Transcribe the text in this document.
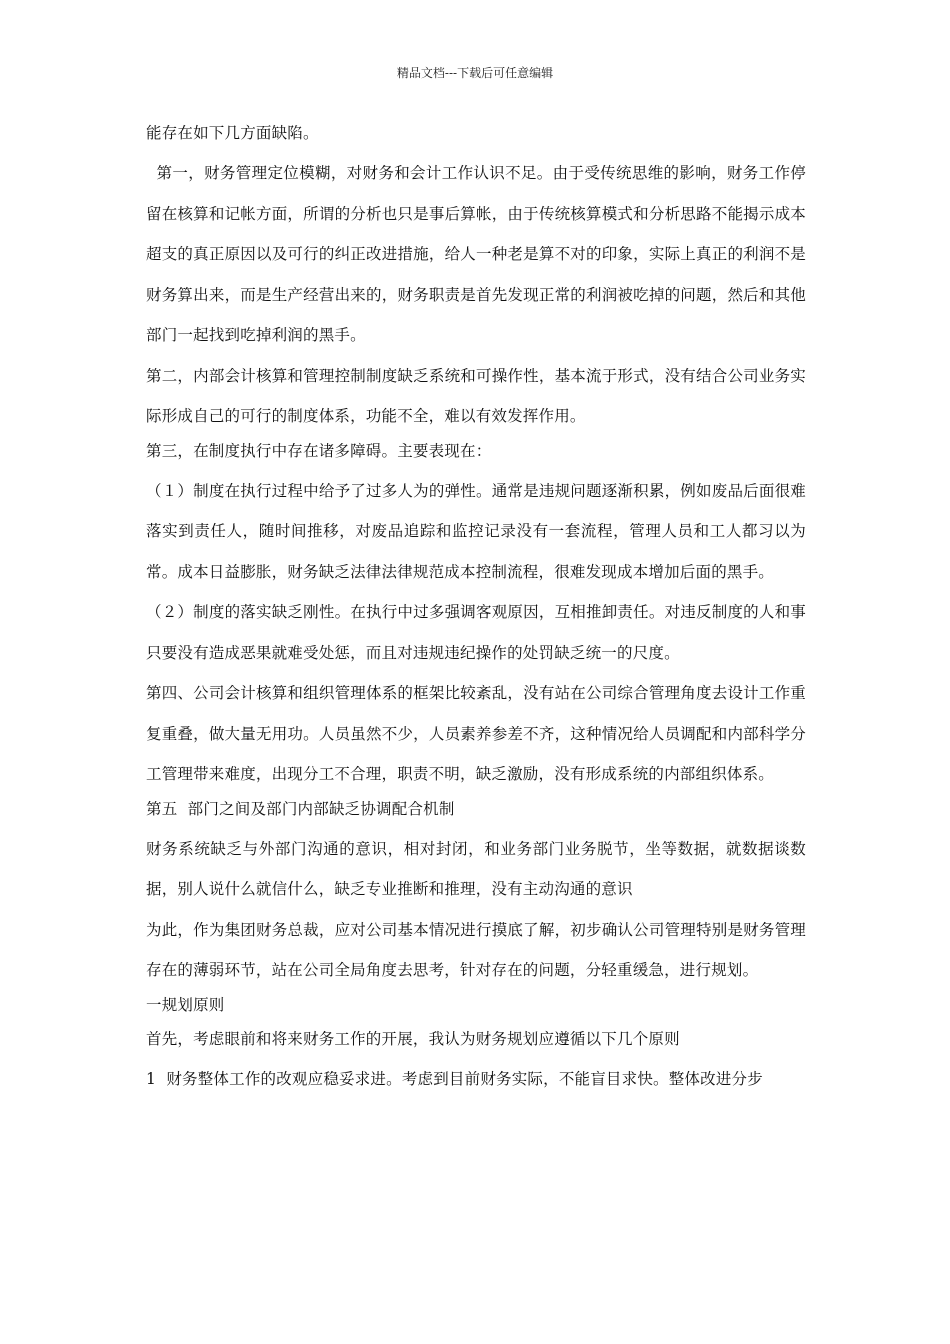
精品文档---下载后可任意编辑

能存在如下几方面缺陷。

第一，财务管理定位模糊，对财务和会计工作认识不足。由于受传统思维的影响，财务工作停留在核算和记帐方面，所谓的分析也只是事后算帐，由于传统核算模式和分析思路不能揭示成本超支的真正原因以及可行的纠正改进措施，给人一种老是算不对的印象，实际上真正的利润不是财务算出来，而是生产经营出来的，财务职责是首先发现正常的利润被吃掉的问题，然后和其他部门一起找到吃掉利润的黑手。

第二，内部会计核算和管理控制制度缺乏系统和可操作性，基本流于形式，没有结合公司业务实际形成自己的可行的制度体系，功能不全，难以有效发挥作用。

第三，在制度执行中存在诸多障碍。主要表现在：

（１）制度在执行过程中给予了过多人为的弹性。通常是违规问题逐渐积累，例如废品后面很难落实到责任人，随时间推移，对废品追踪和监控记录没有一套流程，管理人员和工人都习以为常。成本日益膨胀，财务缺乏法律法律规范成本控制流程，很难发现成本增加后面的黑手。

（２）制度的落实缺乏刚性。在执行中过多强调客观原因，互相推卸责任。对违反制度的人和事只要没有造成恶果就难受处惩，而且对违规违纪操作的处罚缺乏统一的尺度。

第四、公司会计核算和组织管理体系的框架比较紊乱，没有站在公司综合管理角度去设计工作重复重叠，做大量无用功。人员虽然不少，人员素养参差不齐，这种情况给人员调配和内部科学分工管理带来难度，出现分工不合理，职责不明，缺乏激励，没有形成系统的内部组织体系。

第五  部门之间及部门内部缺乏协调配合机制

财务系统缺乏与外部门沟通的意识，相对封闭，和业务部门业务脱节，坐等数据，就数据谈数据，别人说什么就信什么，缺乏专业推断和推理，没有主动沟通的意识

为此，作为集团财务总裁，应对公司基本情况进行摸底了解，初步确认公司管理特别是财务管理存在的薄弱环节，站在公司全局角度去思考，针对存在的问题，分轻重缓急，进行规划。

一规划原则

首先，考虑眼前和将来财务工作的开展，我认为财务规划应遵循以下几个原则

1  财务整体工作的改观应稳妥求进。考虑到目前财务实际，不能盲目求快。整体改进分步
